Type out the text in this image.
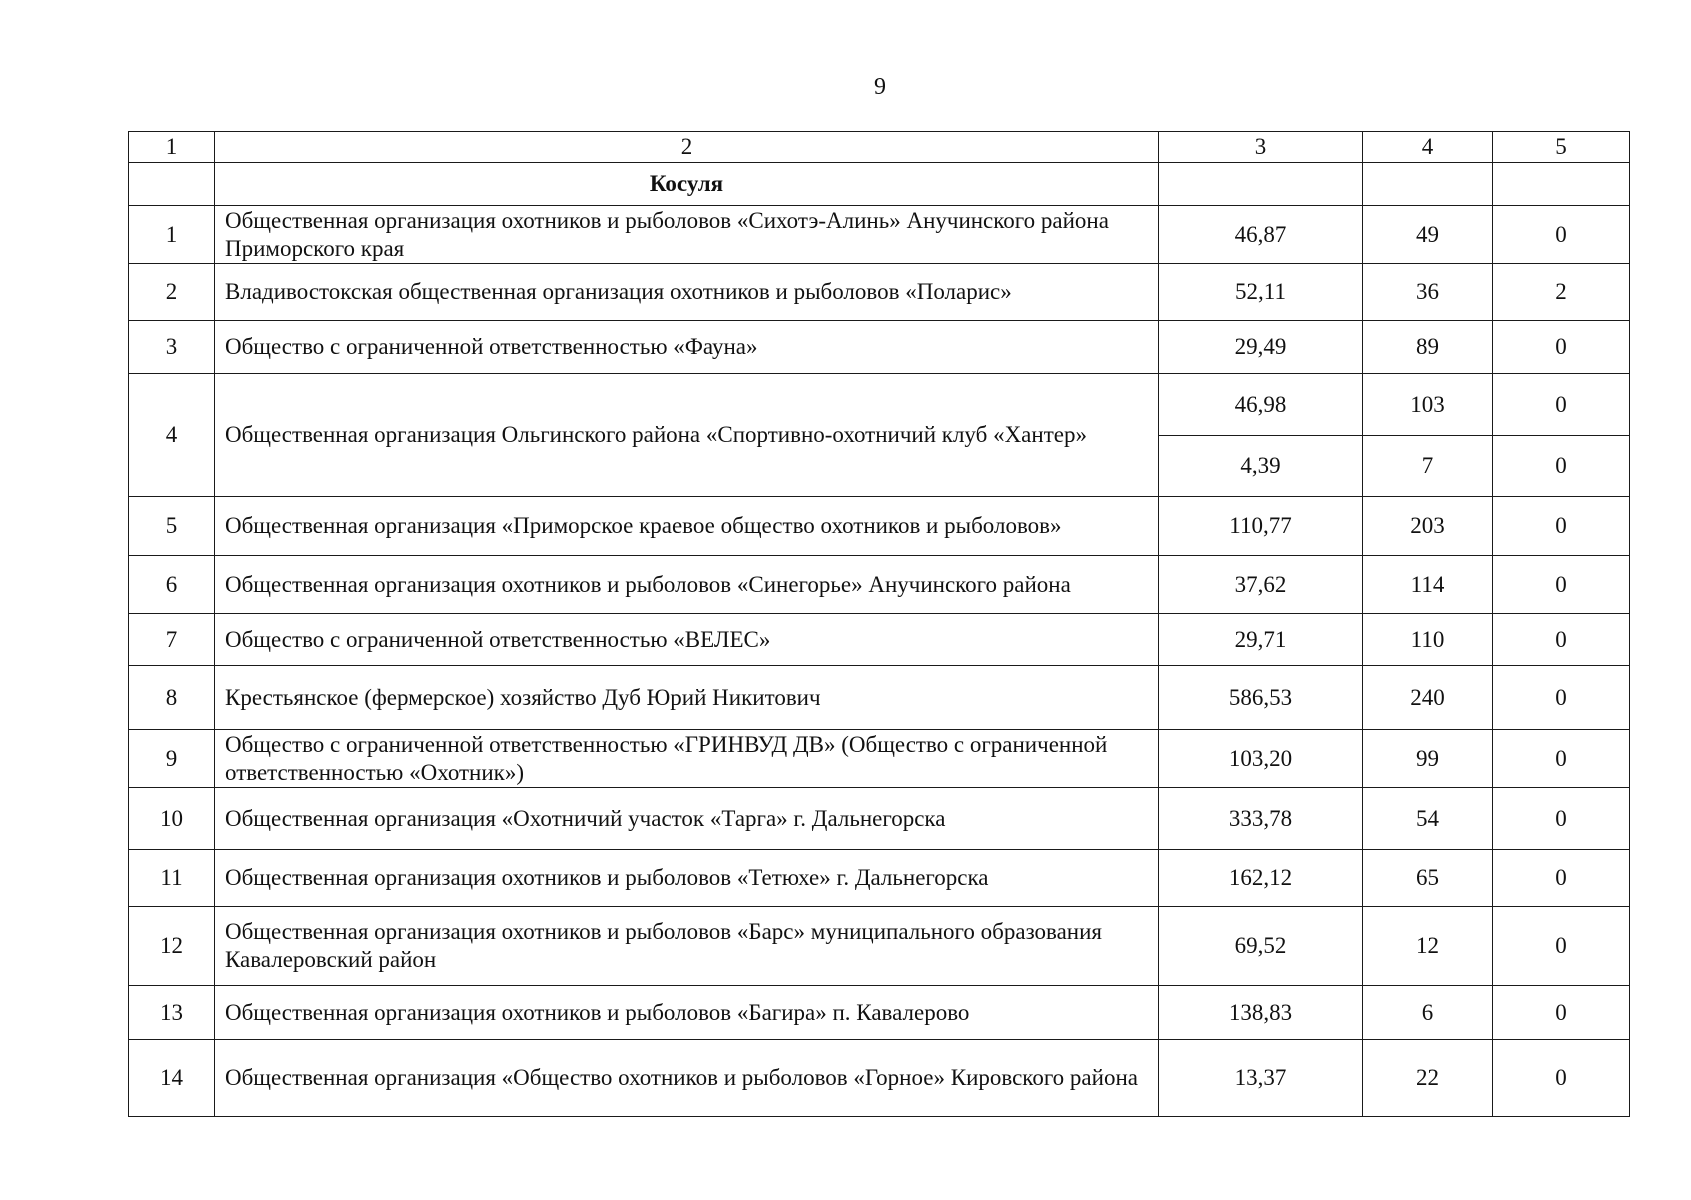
9
1	2	3	4	5
	Косуля			
1	Общественная организация охотников и рыболовов «Сихотэ-Алинь» Анучинского района Приморского края	46,87	49	0
2	Владивостокская общественная организация охотников и рыболовов «Поларис»	52,11	36	2
3	Общество с ограниченной ответственностью «Фауна»	29,49	89	0
4	Общественная организация Ольгинского района «Спортивно-охотничий клуб «Хантер»	46,98	103	0
		4,39	7	0
5	Общественная организация «Приморское краевое общество охотников и рыболовов»	110,77	203	0
6	Общественная организация охотников и рыболовов «Синегорье» Анучинского района	37,62	114	0
7	Общество с ограниченной ответственностью «ВЕЛЕС»	29,71	110	0
8	Крестьянское (фермерское) хозяйство Дуб Юрий Никитович	586,53	240	0
9	Общество с ограниченной ответственностью «ГРИНВУД ДВ» (Общество с ограниченной ответственностью «Охотник»)	103,20	99	0
10	Общественная организация «Охотничий участок «Тарга» г. Дальнегорска	333,78	54	0
11	Общественная организация охотников и рыболовов «Тетюхе» г. Дальнегорска	162,12	65	0
12	Общественная организация охотников и рыболовов «Барс» муниципального образования Кавалеровский район	69,52	12	0
13	Общественная организация охотников и рыболовов «Багира» п. Кавалерово	138,83	6	0
14	Общественная организация «Общество охотников и рыболовов «Горное» Кировского района	13,37	22	0
